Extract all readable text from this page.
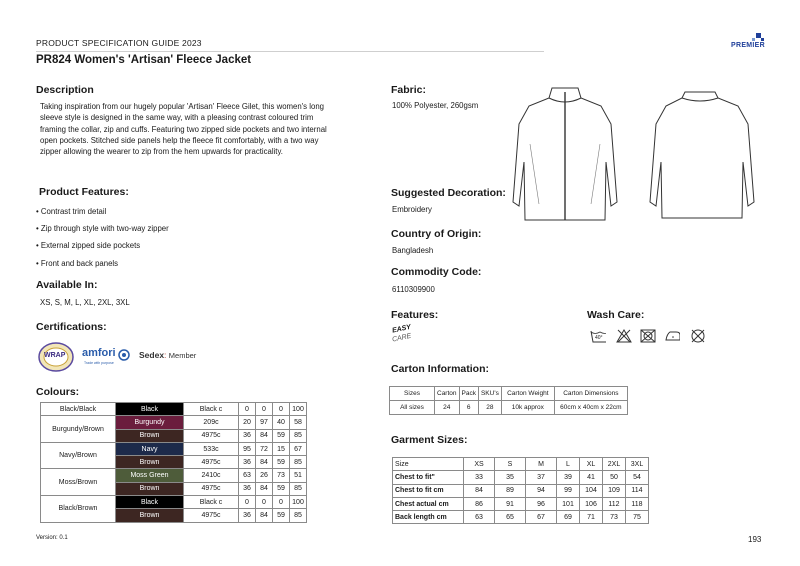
PRODUCT SPECIFICATION GUIDE 2023
PR824 Women's 'Artisan' Fleece Jacket
PREMIER
Description
Taking inspiration from our hugely popular 'Artisan' Fleece Gilet, this women's long
sleeve style is designed in the same way, with a pleasing contrast coloured trim
framing the collar, zip and cuffs. Featuring two zipped side pockets and two internal
open pockets. Stitched side panels help the fleece fit comfortably, with a two way
zipper allowing the wearer to zip from the hem upwards for practicality.
Product Features:
• Contrast trim detail
• Zip through style with two-way zipper
• External zipped side pockets
• Front and back panels
Available In:
XS, S, M, L, XL, 2XL, 3XL
Certifications:
WRAP amfori
Trade with purpose
Sedex: Member
Colours:
Black/Black	Black	Black c	0	0	0	100
Burgundy/Brown	Burgundy	209c	20	97	40	58
	Brown	4975c	36	84	59	85
Navy/Brown	Navy	533c	95	72	15	67
	Brown	4975c	36	84	59	85
Moss/Brown	Moss Green	2410c	63	26	73	51
	Brown	4975c	36	84	59	85
Black/Brown	Black	Black c	0	0	0	100
	Brown	4975c	36	84	59	85
Fabric:
100% Polyester, 260gsm
Suggested Decoration:
Embroidery
Country of Origin:
Bangladesh
Commodity Code:
6110309900
Features:
EASY
CARE
Wash Care:
40°
Carton Information:
Sizes	Carton	Pack	SKU's	Carton Weight	Carton Dimensions
All sizes	24	6	28	10k approx	60cm x 40cm x 22cm
Garment Sizes:
Size	XS	S	M	L	XL	2XL	3XL
Chest to fit"	33	35	37	39	41	50	54
Chest to fit cm	84	89	94	99	104	109	114
Chest actual cm	86	91	96	101	106	112	118
Back length cm	63	65	67	69	71	73	75
Version: 0.1	193
